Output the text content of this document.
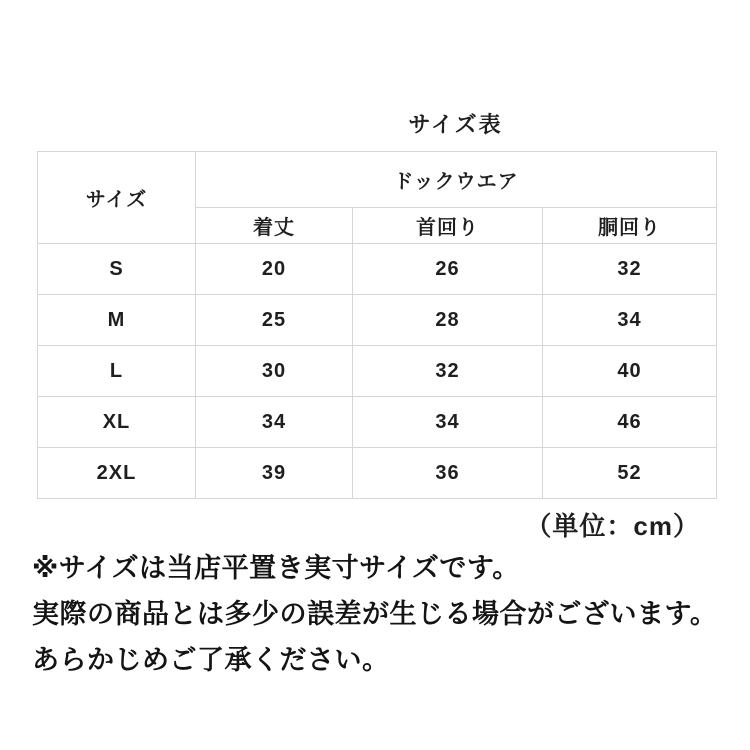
サイズ表
サイズ	ドックウエア		
	着丈	首回り	胴回り
S	20	26	32
M	25	28	34
L	30	32	40
XL	34	34	46
2XL	39	36	52
（単位：cm）

※サイズは当店平置き実寸サイズです。

実際の商品とは多少の誤差が生じる場合がございます。

あらかじめご了承ください。
